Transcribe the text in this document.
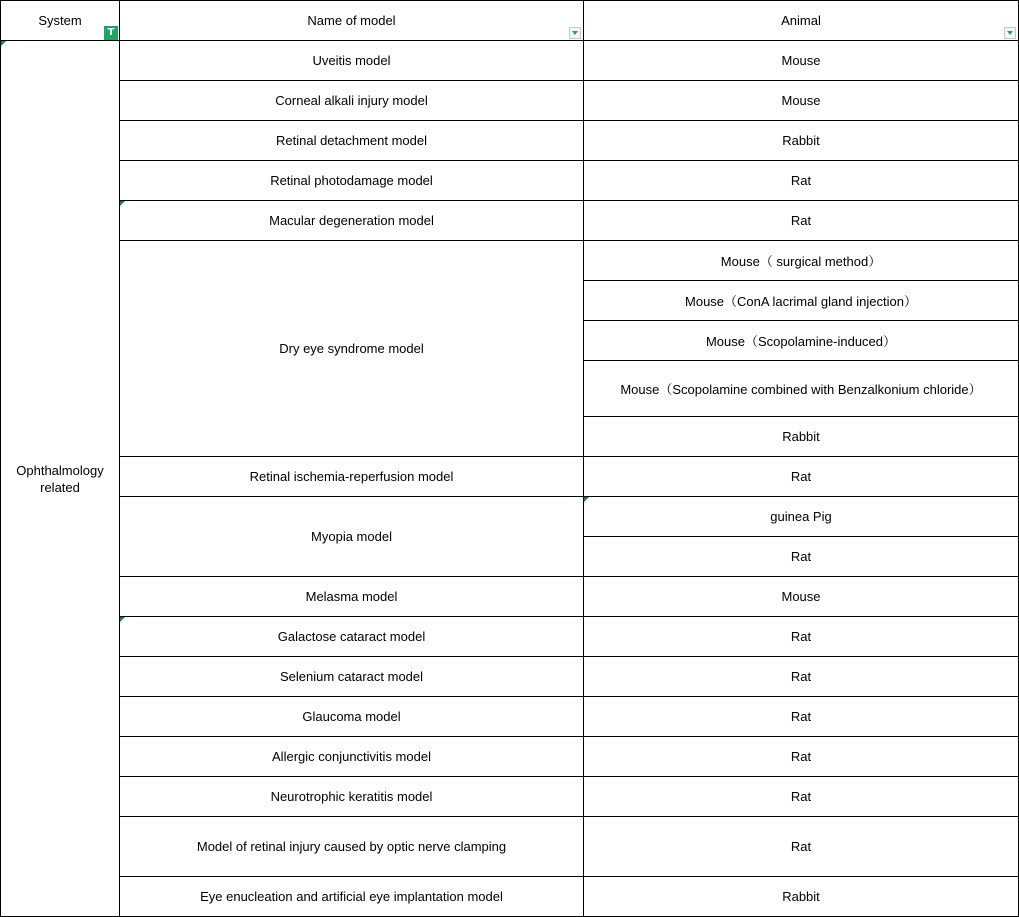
System
T
Name of model	Animal
Ophthalmology related
Uveitis model
Corneal alkali injury model
Retinal detachment model
Retinal photodamage model
Macular degeneration model
Dry eye syndrome model
Retinal ischemia-reperfusion model
Myopia model
Melasma model
Galactose cataract model
Selenium cataract model
Glaucoma model
Allergic conjunctivitis model
Neurotrophic keratitis model
Model of retinal injury caused by optic nerve clamping
Eye enucleation and artificial eye implantation model
Mouse
Mouse
Rabbit
Rat
Rat
Mouse（ surgical method）
Mouse（ConA lacrimal gland injection）
Mouse（Scopolamine-induced）
Mouse（Scopolamine combined with Benzalkonium chloride）
Rabbit
Rat
guinea Pig
Rat
Mouse
Rat
Rat
Rat
Rat
Rat
Rat
Rabbit
